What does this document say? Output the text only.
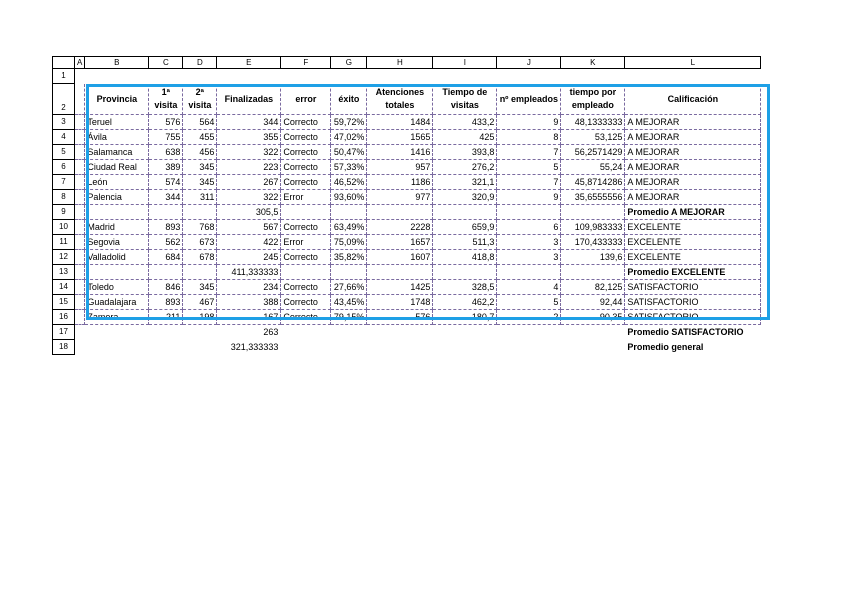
	A	B	C	D	E	F	G	H	I	J	K	L
1												
2		Provincia	1ª visita	2ª visita	Finalizadas	error	éxito	Atenciones totales	Tiempo de visitas	nº empleados	tiempo por empleado	Calificación
3		Teruel	576	564	344	Correcto	59,72%	1484	433,2	9	48,1333333	A MEJORAR
4		Ávila	755	455	355	Correcto	47,02%	1565	425	8	53,125	A MEJORAR
5		Salamanca	638	456	322	Correcto	50,47%	1416	393,8	7	56,2571429	A MEJORAR
6		Ciudad Real	389	345	223	Correcto	57,33%	957	276,2	5	55,24	A MEJORAR
7		León	574	345	267	Correcto	46,52%	1186	321,1	7	45,8714286	A MEJORAR
8		Palencia	344	311	322	Error	93,60%	977	320,9	9	35,6555556	A MEJORAR
9					305,5							Promedio A MEJORAR
10		Madrid	893	768	567	Correcto	63,49%	2228	659,9	6	109,983333	EXCELENTE
11		Segovia	562	673	422	Error	75,09%	1657	511,3	3	170,433333	EXCELENTE
12		Valladolid	684	678	245	Correcto	35,82%	1607	418,8	3	139,6	EXCELENTE
13					411,333333							Promedio EXCELENTE
14		Toledo	846	345	234	Correcto	27,66%	1425	328,5	4	82,125	SATISFACTORIO
15		Guadalajara	893	467	388	Correcto	43,45%	1748	462,2	5	92,44	SATISFACTORIO
16		Zamora	211	198	167	Correcto	79,15%	576	180,7	2	90,35	SATISFACTORIO
17					263							Promedio SATISFACTORIO
18					321,333333							Promedio general
